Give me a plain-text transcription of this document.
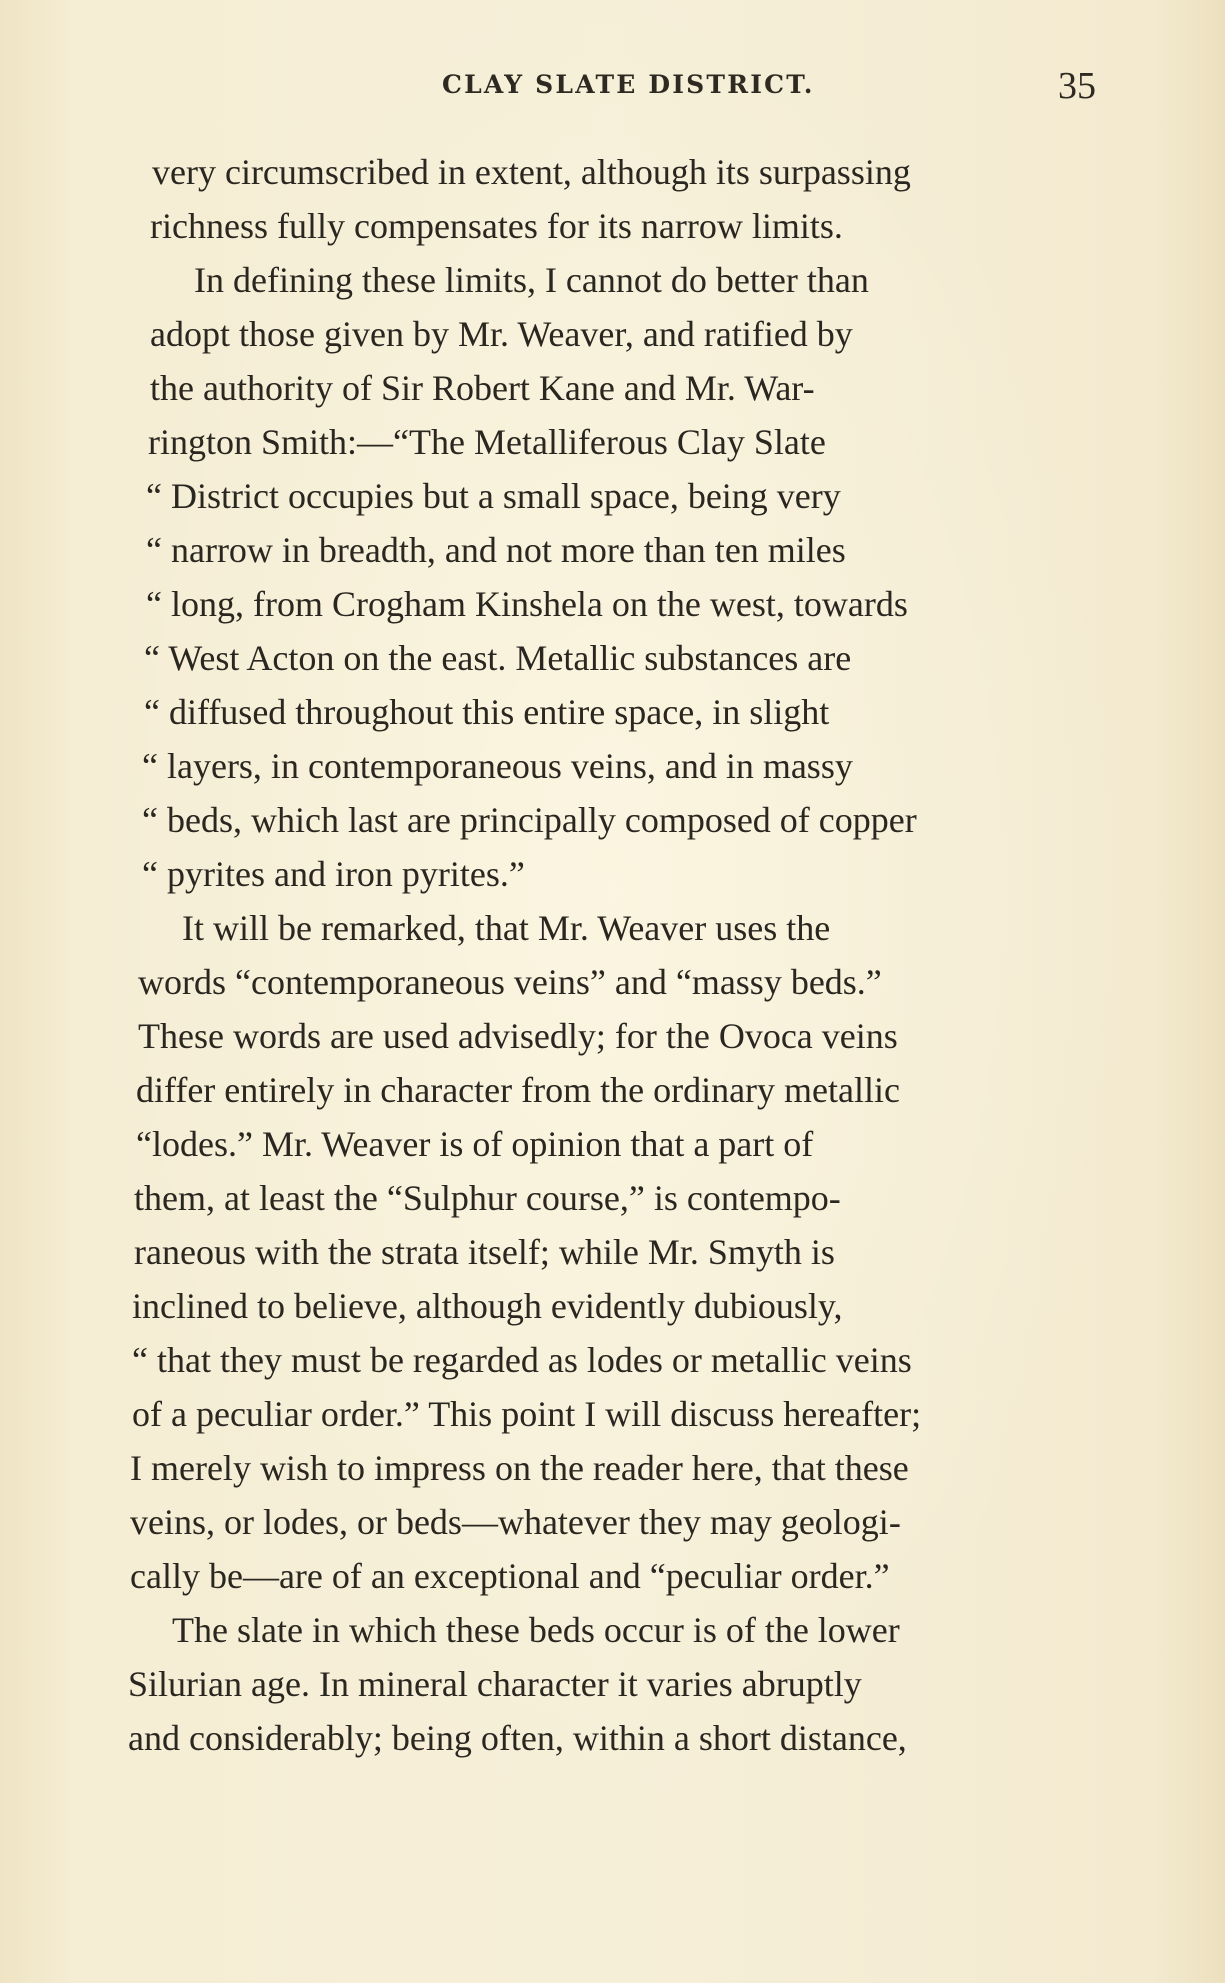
CLAY SLATE DISTRICT.	35
very circumscribed in extent, although its surpassing
richness fully compensates for its narrow limits.
In defining these limits, I cannot do better than
adopt those given by Mr. Weaver, and ratified by
the authority of Sir Robert Kane and Mr. War-
rington Smith:—“The Metalliferous Clay Slate
“ District occupies but a small space, being very
“ narrow in breadth, and not more than ten miles
“ long, from Crogham Kinshela on the west, towards
“ West Acton on the east. Metallic substances are
“ diffused throughout this entire space, in slight
“ layers, in contemporaneous veins, and in massy
“ beds, which last are principally composed of copper
“ pyrites and iron pyrites.”
It will be remarked, that Mr. Weaver uses the
words “contemporaneous veins” and “massy beds.”
These words are used advisedly; for the Ovoca veins
differ entirely in character from the ordinary metallic
“lodes.” Mr. Weaver is of opinion that a part of
them, at least the “Sulphur course,” is contempo-
raneous with the strata itself; while Mr. Smyth is
inclined to believe, although evidently dubiously,
“ that they must be regarded as lodes or metallic veins
of a peculiar order.” This point I will discuss hereafter;
I merely wish to impress on the reader here, that these
veins, or lodes, or beds—whatever they may geologi-
cally be—are of an exceptional and “peculiar order.”
The slate in which these beds occur is of the lower
Silurian age. In mineral character it varies abruptly
and considerably; being often, within a short distance,
